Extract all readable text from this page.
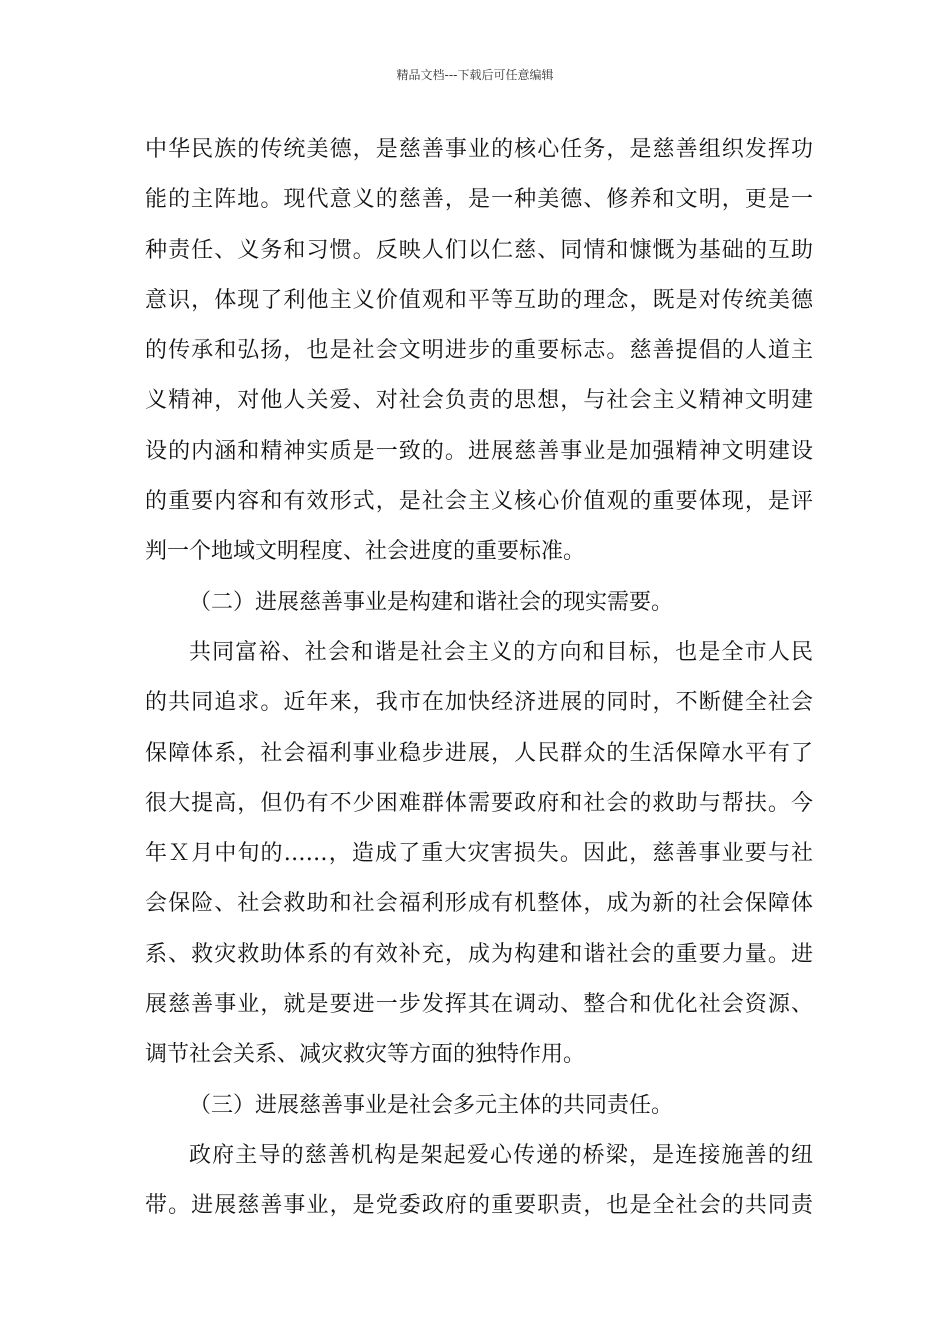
精品文档---下载后可任意编辑
中华民族的传统美德，是慈善事业的核心任务，是慈善组织发挥功
能的主阵地。现代意义的慈善，是一种美德、修养和文明，更是一
种责任、义务和习惯。反映人们以仁慈、同情和慷慨为基础的互助
意识，体现了利他主义价值观和平等互助的理念，既是对传统美德
的传承和弘扬，也是社会文明进步的重要标志。慈善提倡的人道主
义精神，对他人关爱、对社会负责的思想，与社会主义精神文明建
设的内涵和精神实质是一致的。进展慈善事业是加强精神文明建设
的重要内容和有效形式，是社会主义核心价值观的重要体现，是评
判一个地域文明程度、社会进度的重要标准。
（二）进展慈善事业是构建和谐社会的现实需要。
共同富裕、社会和谐是社会主义的方向和目标，也是全市人民
的共同追求。近年来，我市在加快经济进展的同时，不断健全社会
保障体系，社会福利事业稳步进展，人民群众的生活保障水平有了
很大提高，但仍有不少困难群体需要政府和社会的救助与帮扶。今
年Ｘ月中旬的……，造成了重大灾害损失。因此，慈善事业要与社
会保险、社会救助和社会福利形成有机整体，成为新的社会保障体
系、救灾救助体系的有效补充，成为构建和谐社会的重要力量。进
展慈善事业，就是要进一步发挥其在调动、整合和优化社会资源、
调节社会关系、减灾救灾等方面的独特作用。
（三）进展慈善事业是社会多元主体的共同责任。
政府主导的慈善机构是架起爱心传递的桥梁，是连接施善的纽
带。进展慈善事业，是党委政府的重要职责，也是全社会的共同责
